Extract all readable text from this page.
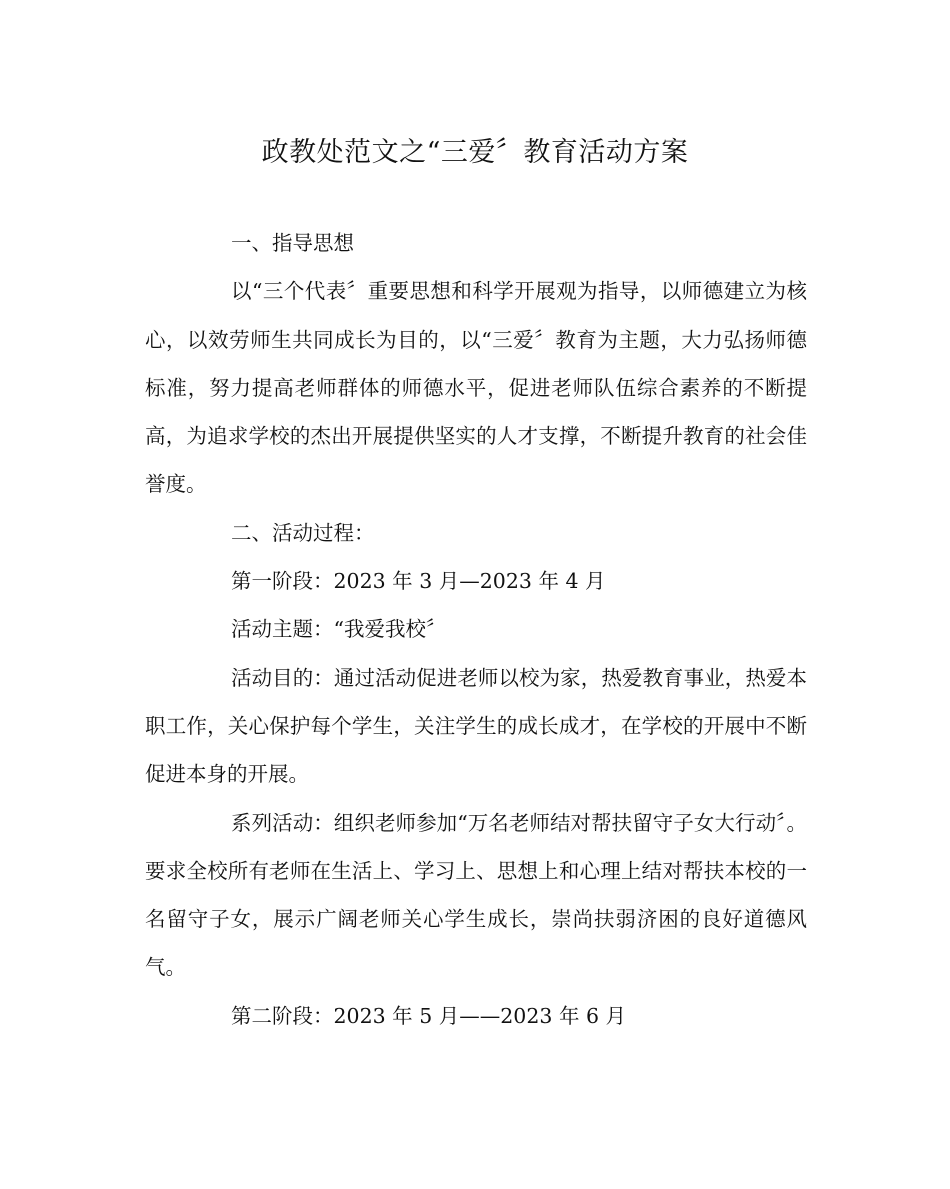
政教处范文之“三爱〞教育活动方案

一、指导思想

以“三个代表〞重要思想和科学开展观为指导，以师德建立为核心，以效劳师生共同成长为目的，以“三爱〞教育为主题，大力弘扬师德标准，努力提高老师群体的师德水平，促进老师队伍综合素养的不断提高，为追求学校的杰出开展提供坚实的人才支撑，不断提升教育的社会佳誉度。

二、活动过程：

第一阶段：2023 年 3 月—2023 年 4 月

活动主题：“我爱我校〞

活动目的：通过活动促进老师以校为家，热爱教育事业，热爱本职工作，关心保护每个学生，关注学生的成长成才，在学校的开展中不断促进本身的开展。

系列活动：组织老师参加“万名老师结对帮扶留守子女大行动〞。要求全校所有老师在生活上、学习上、思想上和心理上结对帮扶本校的一名留守子女，展示广阔老师关心学生成长，崇尚扶弱济困的良好道德风气。

第二阶段：2023 年 5 月——2023 年 6 月
